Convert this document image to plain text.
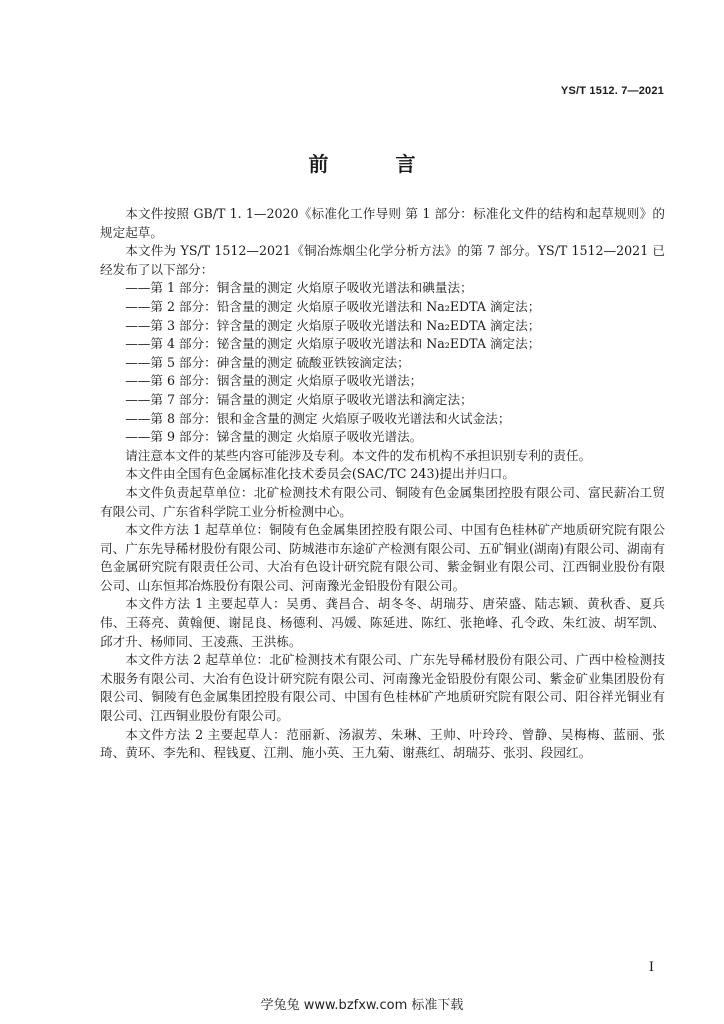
YS/T 1512. 7—2021
前 言

本文件按照 GB/T 1. 1—2020《标准化工作导则 第 1 部分：标准化文件的结构和起草规则》的规定起草。

本文件为 YS/T 1512—2021《铜冶炼烟尘化学分析方法》的第 7 部分。YS/T 1512—2021 已经发布了以下部分：

——第 1 部分：铜含量的测定 火焰原子吸收光谱法和碘量法；

——第 2 部分：铅含量的测定 火焰原子吸收光谱法和 Na₂EDTA 滴定法；

——第 3 部分：锌含量的测定 火焰原子吸收光谱法和 Na₂EDTA 滴定法；

——第 4 部分：铋含量的测定 火焰原子吸收光谱法和 Na₂EDTA 滴定法；

——第 5 部分：砷含量的测定 硫酸亚铁铵滴定法；

——第 6 部分：铟含量的测定 火焰原子吸收光谱法；

——第 7 部分：镉含量的测定 火焰原子吸收光谱法和滴定法；

——第 8 部分：银和金含量的测定 火焰原子吸收光谱法和火试金法；

——第 9 部分：锑含量的测定 火焰原子吸收光谱法。

请注意本文件的某些内容可能涉及专利。本文件的发布机构不承担识别专利的责任。

本文件由全国有色金属标准化技术委员会(SAC/TC 243)提出并归口。

本文件负责起草单位：北矿检测技术有限公司、铜陵有色金属集团控股有限公司、富民薪冶工贸有限公司、广东省科学院工业分析检测中心。

本文件方法 1 起草单位：铜陵有色金属集团控股有限公司、中国有色桂林矿产地质研究院有限公司、广东先导稀材股份有限公司、防城港市东途矿产检测有限公司、五矿铜业(湖南)有限公司、湖南有色金属研究院有限责任公司、大冶有色设计研究院有限公司、紫金铜业有限公司、江西铜业股份有限公司、山东恒邦冶炼股份有限公司、河南豫光金铅股份有限公司。

本文件方法 1 主要起草人：吴勇、龚昌合、胡冬冬、胡瑞芬、唐荣盛、陆志颖、黄秋香、夏兵伟、王蒋亮、黄翰便、谢昆良、杨德利、冯媛、陈延进、陈红、张艳峰、孔令政、朱红波、胡军凯、邱才升、杨师同、王凌燕、王洪栋。

本文件方法 2 起草单位：北矿检测技术有限公司、广东先导稀材股份有限公司、广西中检检测技术服务有限公司、大冶有色设计研究院有限公司、河南豫光金铅股份有限公司、紫金矿业集团股份有限公司、铜陵有色金属集团控股有限公司、中国有色桂林矿产地质研究院有限公司、阳谷祥光铜业有限公司、江西铜业股份有限公司。

本文件方法 2 主要起草人：范丽新、汤淑芳、朱琳、王帅、叶玲玲、曾静、吴梅梅、蓝丽、张琦、黄环、李先和、程钱夏、江荆、施小英、王九菊、谢燕红、胡瑞芬、张羽、段园红。

I
学兔兔 www.bzfxw.com 标准下载
